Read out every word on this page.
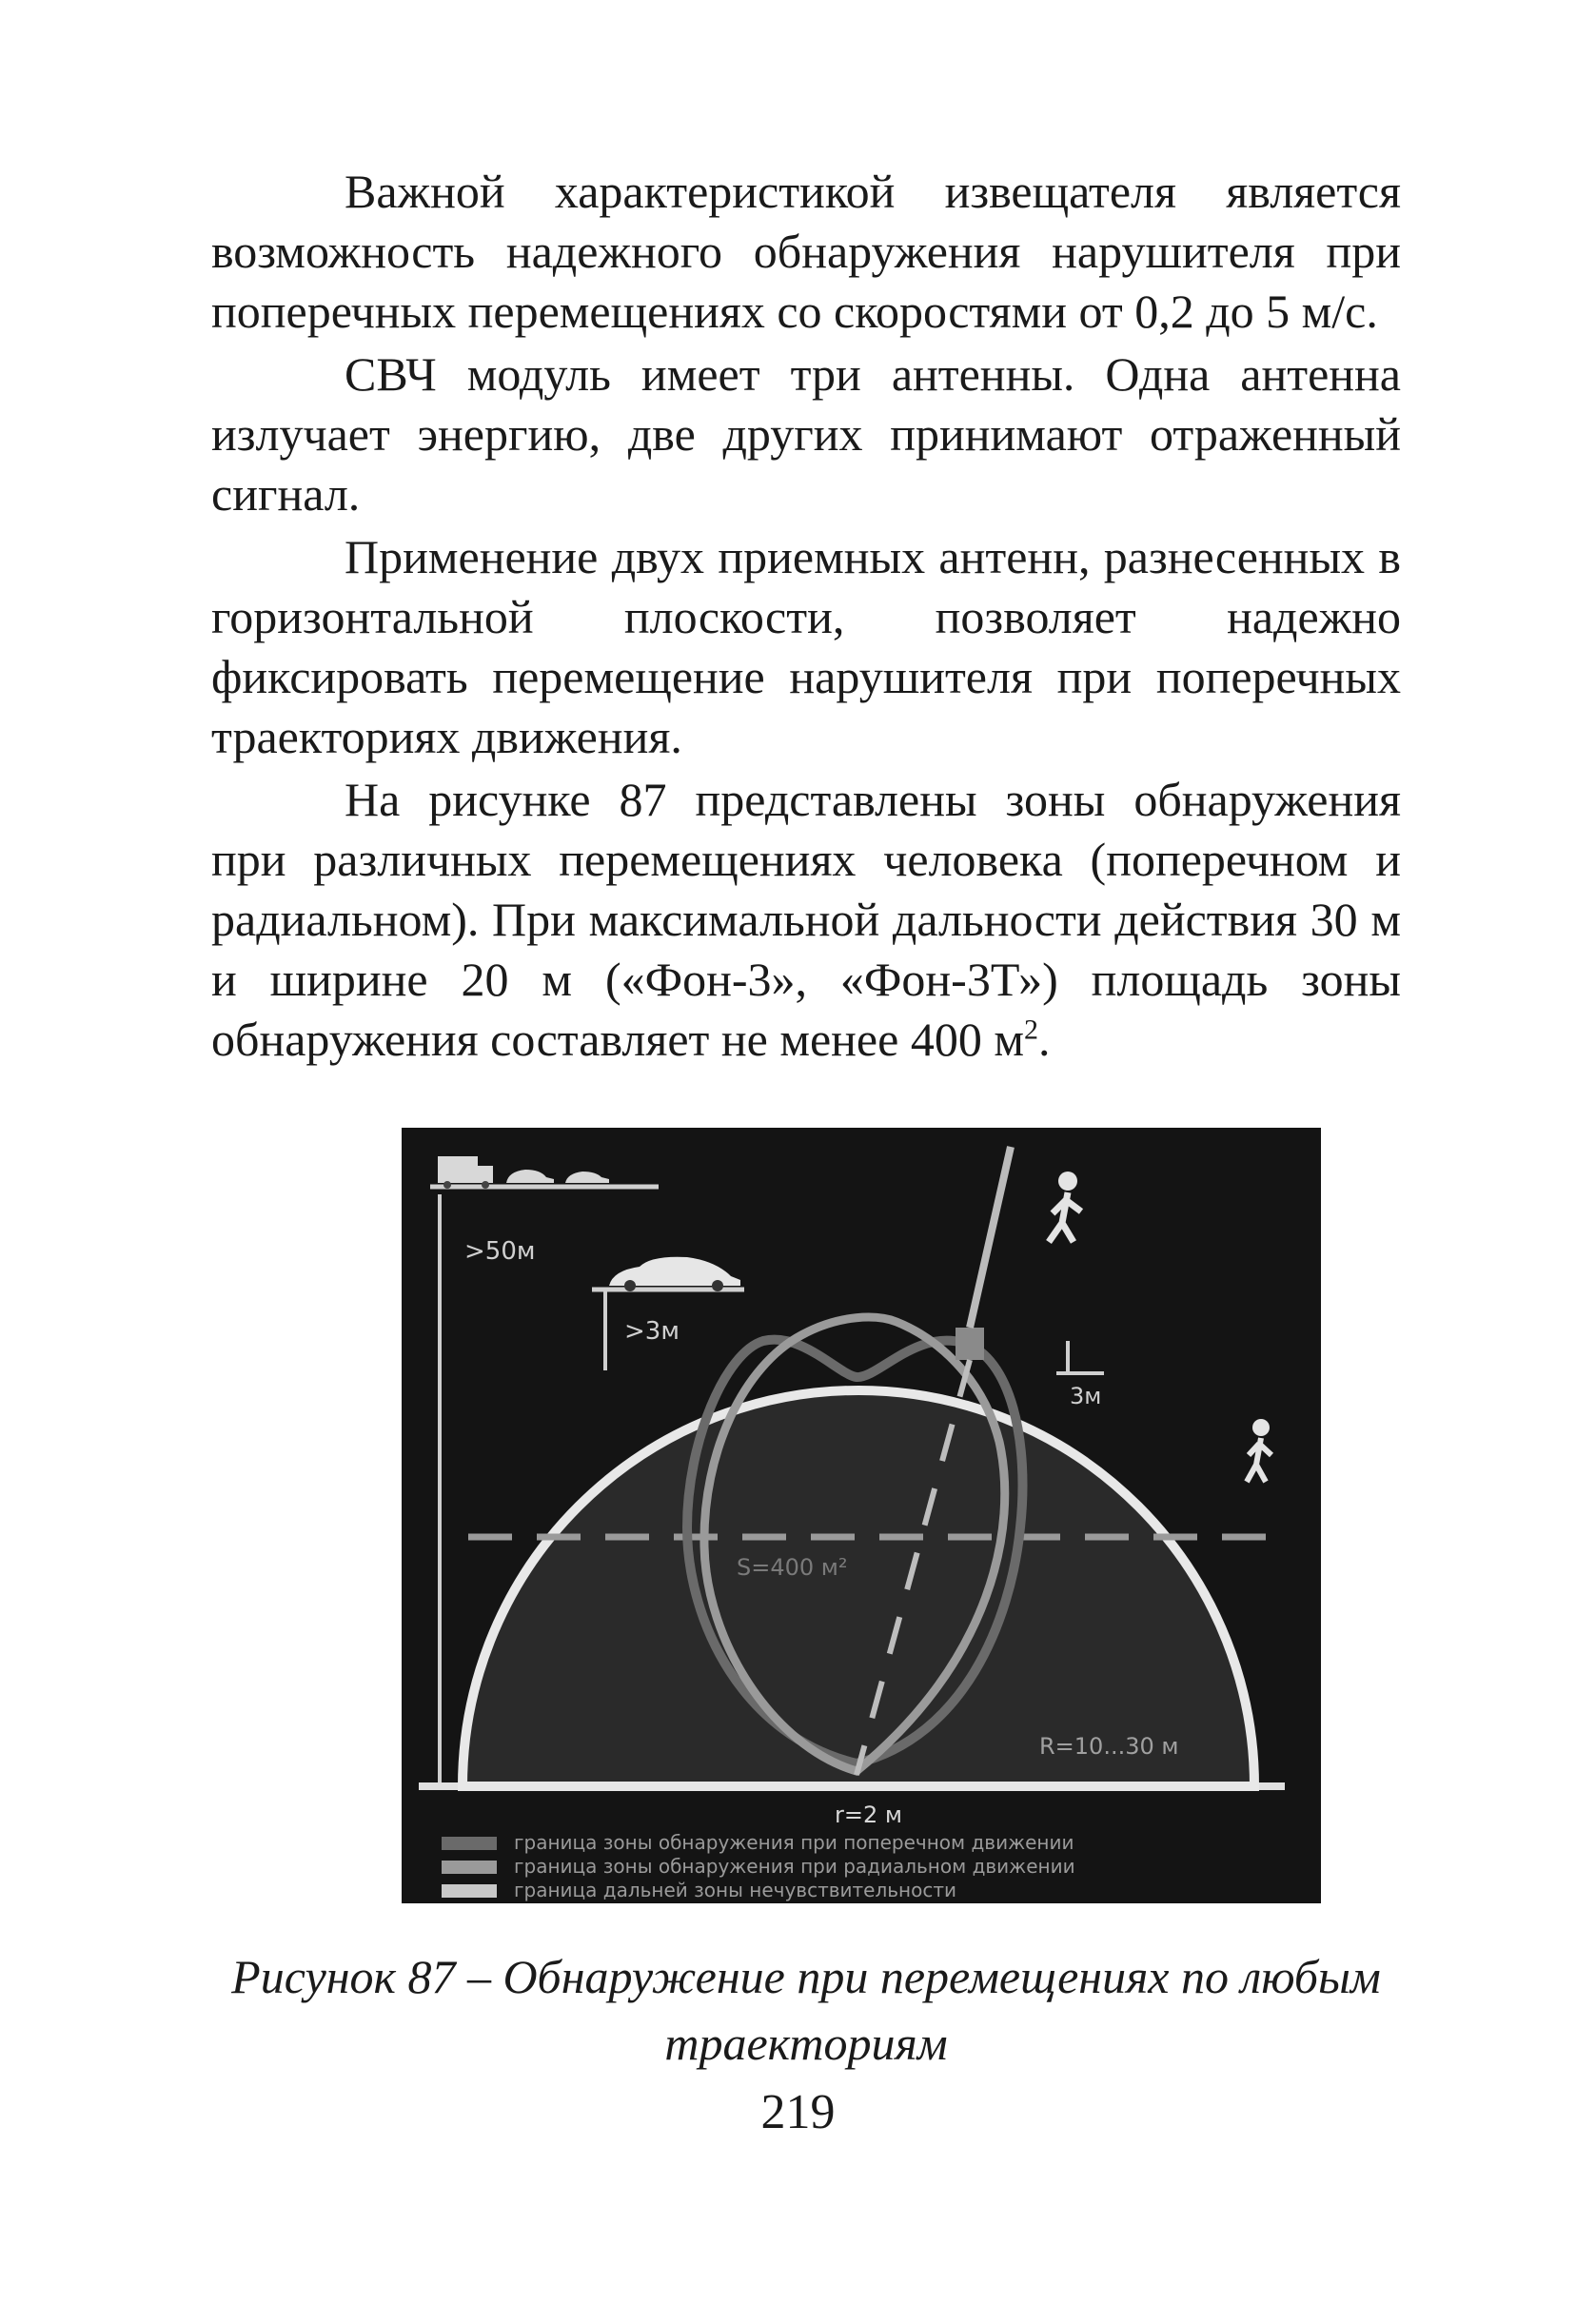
Важной характеристикой извещателя является возможность надежного обнаружения нарушителя при поперечных перемещениях со скоростями от 0,2 до 5 м/с.

СВЧ модуль имеет три антенны. Одна антенна излучает энергию, две других принимают отраженный сигнал.

Применение двух приемных антенн, разнесенных в горизонтальной плоскости, позволяет надежно фиксировать перемещение нарушителя при поперечных траекториях движения.

На рисунке 87 представлены зоны обнаружения при различных перемещениях человека (поперечном и радиальном). При максимальной дальности действия 30 м и ширине 20 м («Фон-3», «Фон-3Т») площадь зоны обнаружения составляет не менее 400 $м^2$.

>50м
>3м
3м
S=400 м²
R=10...30 м
r=2 м
граница зоны обнаружения при поперечном движении
граница зоны обнаружения при радиальном движении
граница дальней зоны нечувствительности
Рисунок 87 – Обнаружение при перемещениях по любым траекториям
219
